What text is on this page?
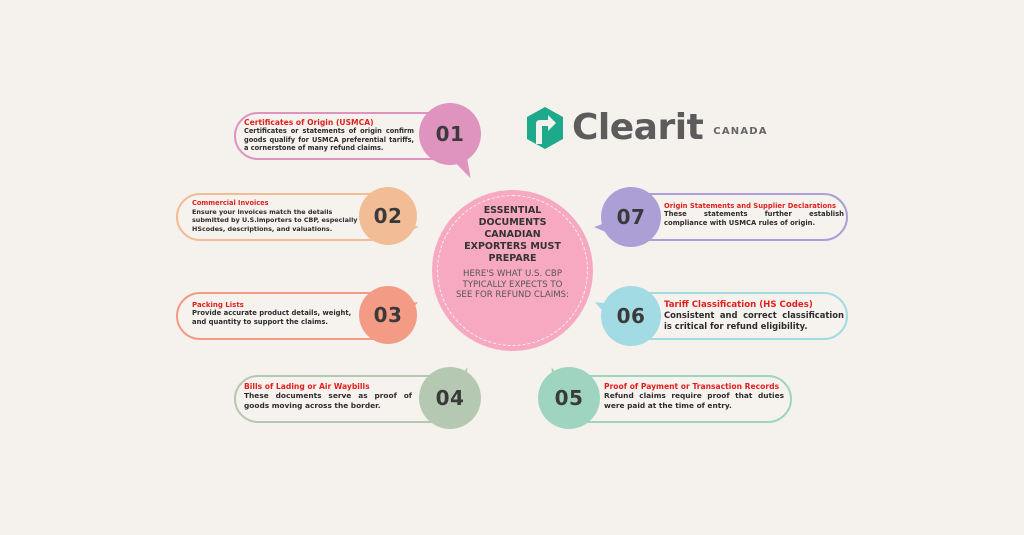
Clearit CANADA
Certificates of Origin (USMCA)
Certificates or statements of origin confirm goods qualify for USMCA preferential tariffs, a cornerstone of many refund claims.
01
Commercial Invoices
Ensure your invoices match the details submitted by U.S.importers to CBP, especially HScodes, descriptions, and valuations.
02
Packing Lists
Provide accurate product details, weight, and quantity to support the claims.	03
Bills of Lading or Air Waybills
These documents serve as proof of goods moving across the border.	04	Proof of Payment or Transaction Records
Refund claims require proof that duties were paid at the time of entry.
05
Tariff Classification (HS Codes)
Consistent and correct classification is critical for refund eligibility.
06
Origin Statements and Supplier Declarations
These statements further establish compliance with USMCA rules of origin.
07
ESSENTIAL DOCUMENTS CANADIAN EXPORTERS MUST PREPARE
HERE'S WHAT U.S. CBP TYPICALLY EXPECTS TO SEE FOR REFUND CLAIMS:
